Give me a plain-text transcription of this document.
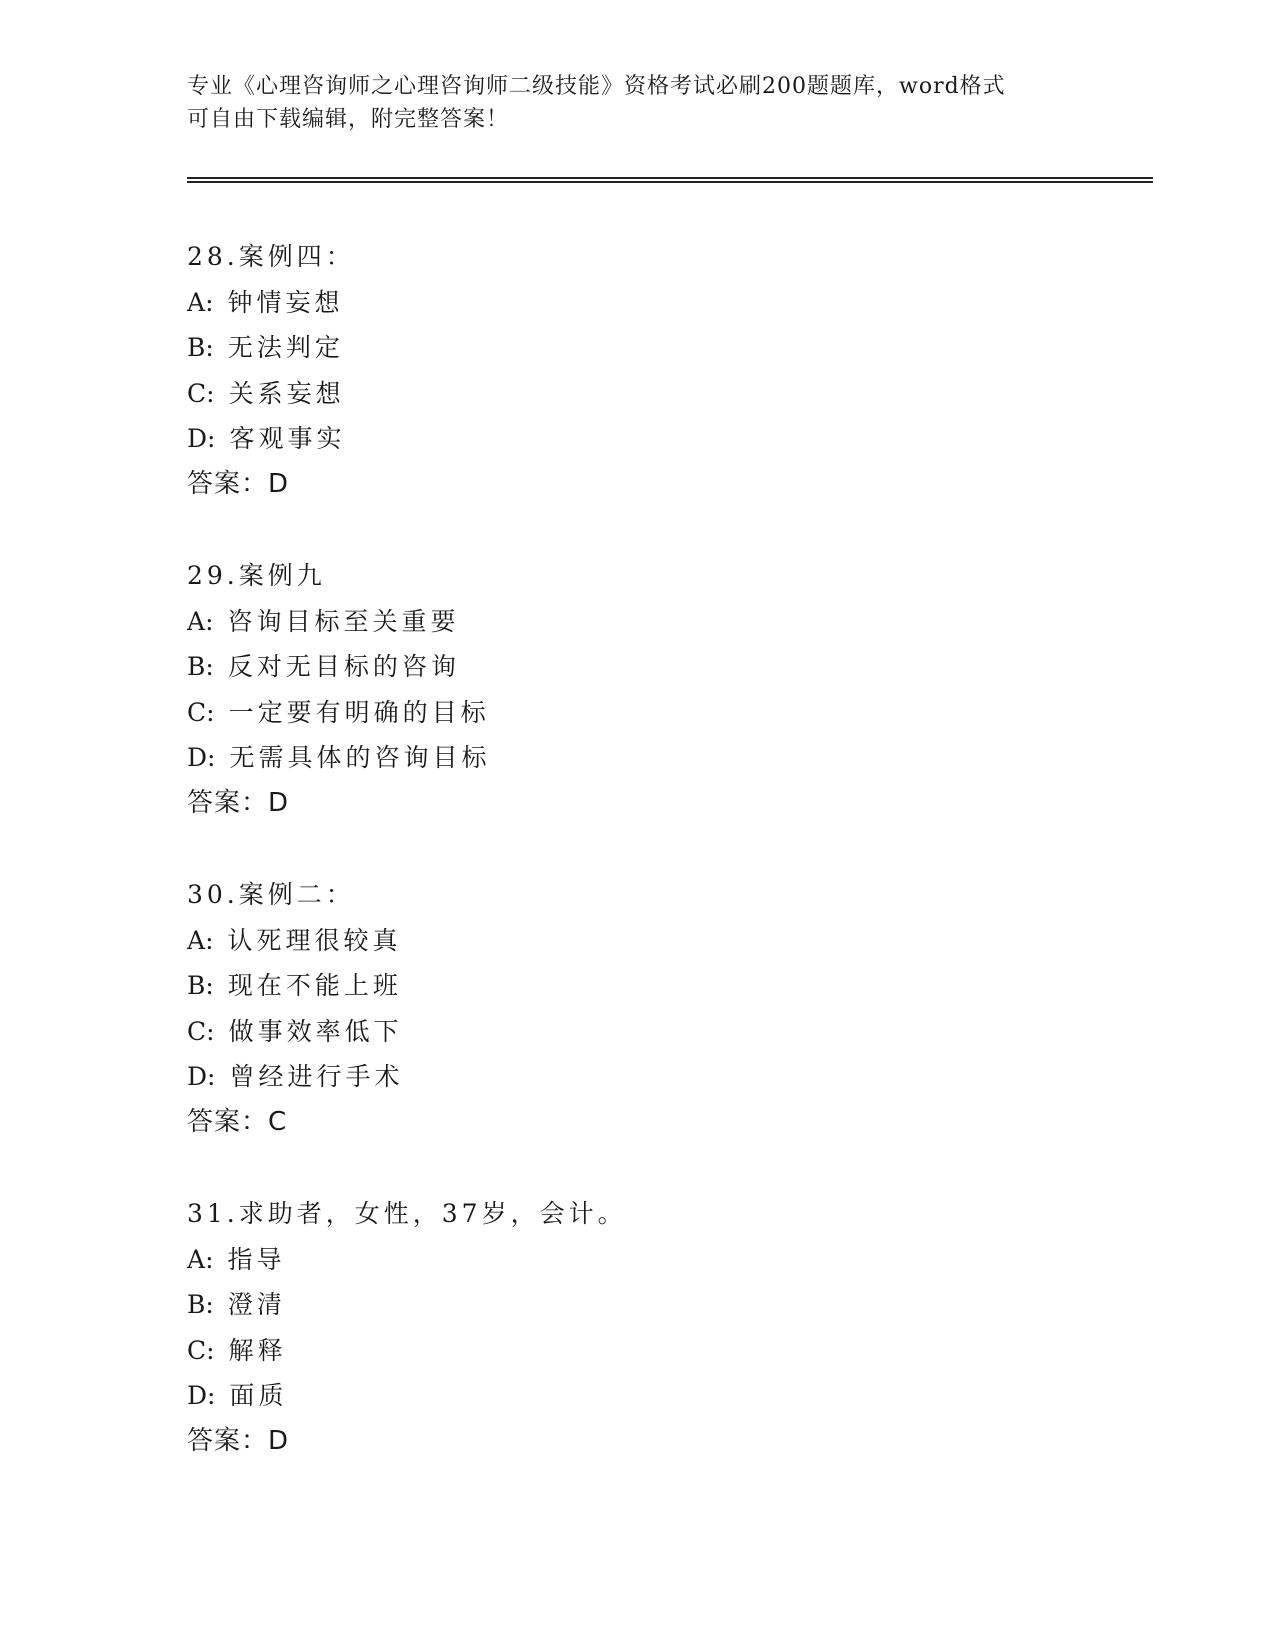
专业《心理咨询师之心理咨询师二级技能》资格考试必刷200题题库，word格式
可自由下载编辑，附完整答案！
28.案例四：
A: 钟情妄想
B: 无法判定
C: 关系妄想
D: 客观事实
答案：D
29.案例九
A: 咨询目标至关重要
B: 反对无目标的咨询
C: 一定要有明确的目标
D: 无需具体的咨询目标
答案：D
30.案例二：
A: 认死理很较真
B: 现在不能上班
C: 做事效率低下
D: 曾经进行手术
答案：C
31.求助者，女性，37岁，会计。
A: 指导
B: 澄清
C: 解释
D: 面质
答案：D
